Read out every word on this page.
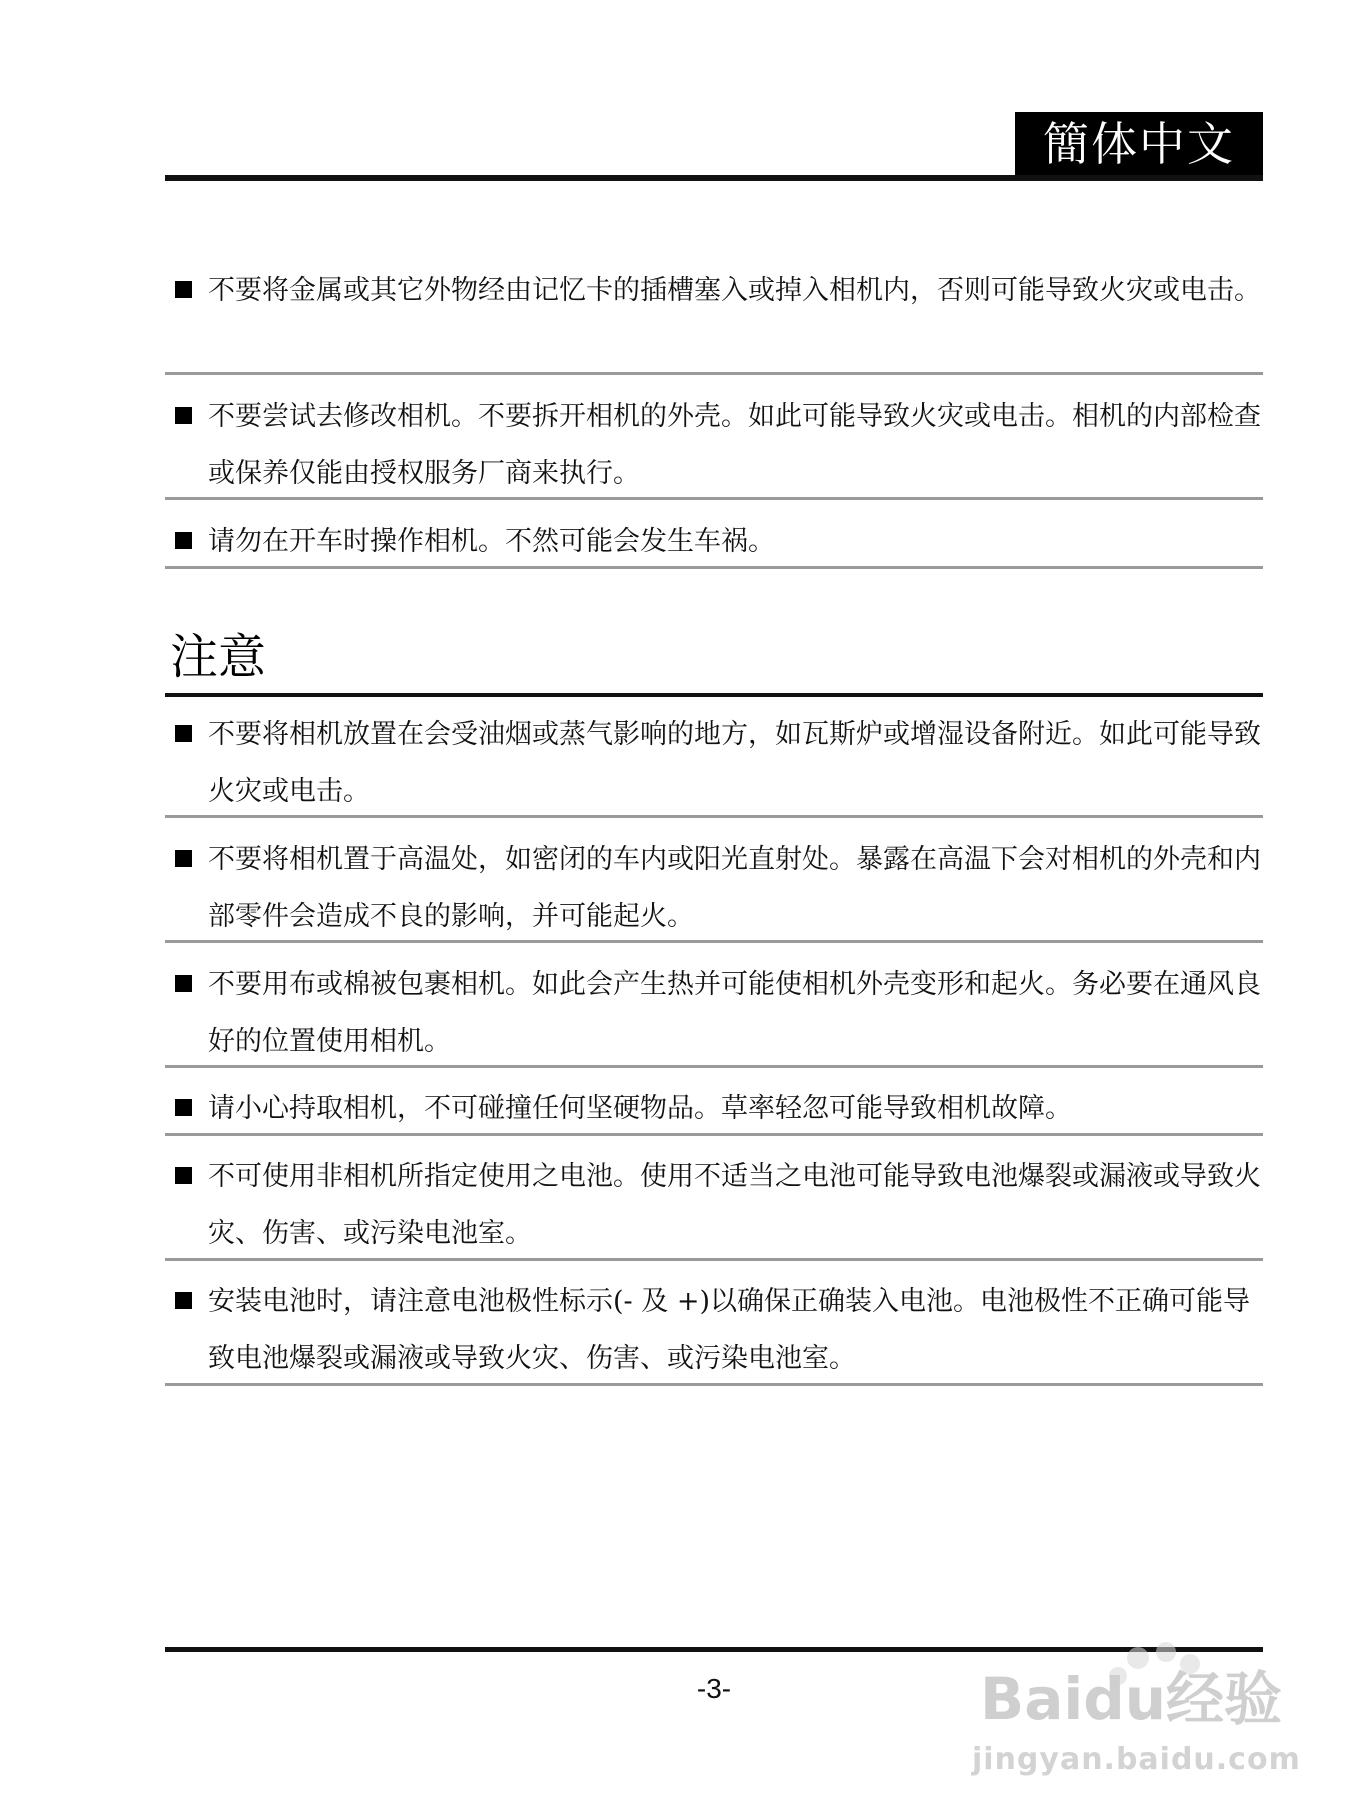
簡体中文
不要将金属或其它外物经由记忆卡的插槽塞入或掉入相机内，否则可能导致火灾或电击。
不要尝试去修改相机。不要拆开相机的外壳。如此可能导致火灾或电击。相机的内部检查或保养仅能由授权服务厂商来执行。
请勿在开车时操作相机。不然可能会发生车祸。
注意
不要将相机放置在会受油烟或蒸气影响的地方，如瓦斯炉或增湿设备附近。如此可能导致火灾或电击。
不要将相机置于高温处，如密闭的车内或阳光直射处。暴露在高温下会对相机的外壳和内部零件会造成不良的影响，并可能起火。
不要用布或棉被包裹相机。如此会产生热并可能使相机外壳变形和起火。务必要在通风良好的位置使用相机。
请小心持取相机，不可碰撞任何坚硬物品。草率轻忽可能导致相机故障。
不可使用非相机所指定使用之电池。使用不适当之电池可能导致电池爆裂或漏液或导致火灾、伤害、或污染电池室。
安装电池时，请注意电池极性标示(- 及 +)以确保正确装入电池。电池极性不正确可能导致电池爆裂或漏液或导致火灾、伤害、或污染电池室。
-3-	Baidu经验
jingyan.baidu.com
